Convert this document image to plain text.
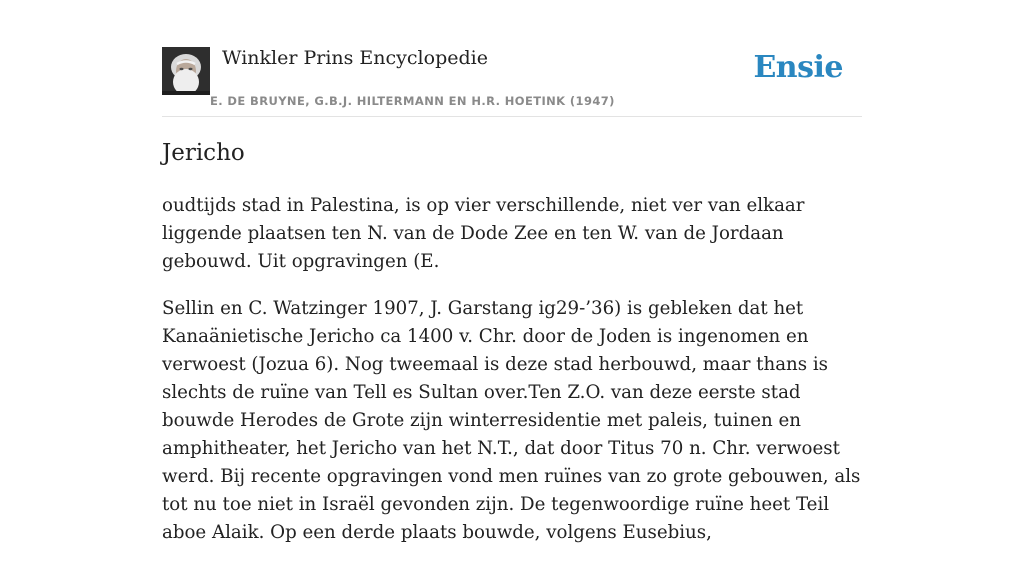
Winkler Prins Encyclopedie
E. DE BRUYNE, G.B.J. HILTERMANN EN H.R. HOETINK (1947)
Ensie
Jericho

oudtijds stad in Palestina, is op vier verschillende, niet ver van elkaar liggende plaatsen ten N. van de Dode Zee en ten W. van de Jordaan gebouwd. Uit opgravingen (E.

Sellin en C. Watzinger 1907, J. Garstang ig29-’36) is gebleken dat het Kanaänietische Jericho ca 1400 v. Chr. door de Joden is ingenomen en verwoest (Jozua 6). Nog tweemaal is deze stad herbouwd, maar thans is slechts de ruïne van Tell es Sultan over.Ten Z.O. van deze eerste stad bouwde Herodes de Grote zijn winterresidentie met paleis, tuinen en amphitheater, het Jericho van het N.T., dat door Titus 70 n. Chr. verwoest werd. Bij recente opgravingen vond men ruïnes van zo grote gebouwen, als tot nu toe niet in Israël gevonden zijn. De tegenwoordige ruïne heet Teil aboe Alaik. Op een derde plaats bouwde, volgens Eusebius,
